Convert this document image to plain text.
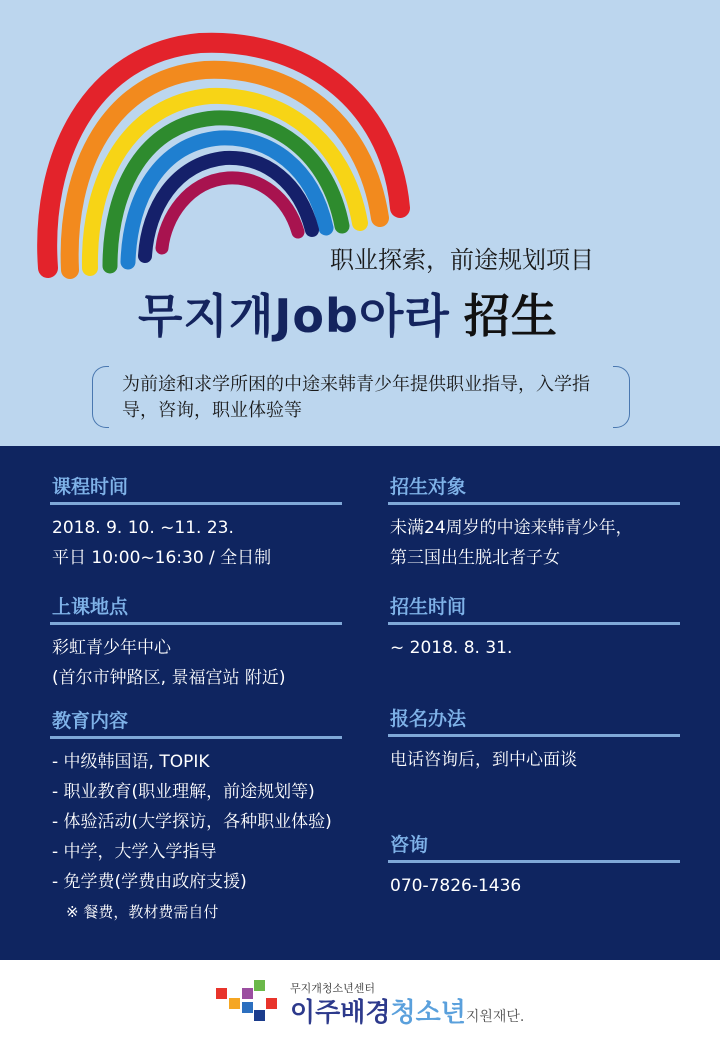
职业探索，前途规划项目
무지개Job아라 招生
为前途和求学所困的中途来韩青少年提供职业指导，入学指导，咨询，职业体验等
课程时间
2018. 9. 10. ~11. 23.
平日 10:00~16:30 / 全日制
招生对象
未满24周岁的中途来韩青少年，
第三国出生脱北者子女
上课地点
彩虹青少年中心
(首尔市钟路区, 景福宫站 附近)
招生时间
~ 2018. 8. 31.
教育内容
- 中级韩国语, TOPIK
- 职业教育(职业理解，前途规划等)
- 体验活动(大学探访，各种职业体验)
- 中学，大学入学指导
- 免学费(学费由政府支援)
※ 餐费，教材费需自付
报名办法
电话咨询后，到中心面谈
咨询
070-7826-1436
무지개청소년센터
이주배경청소년지원재단.
